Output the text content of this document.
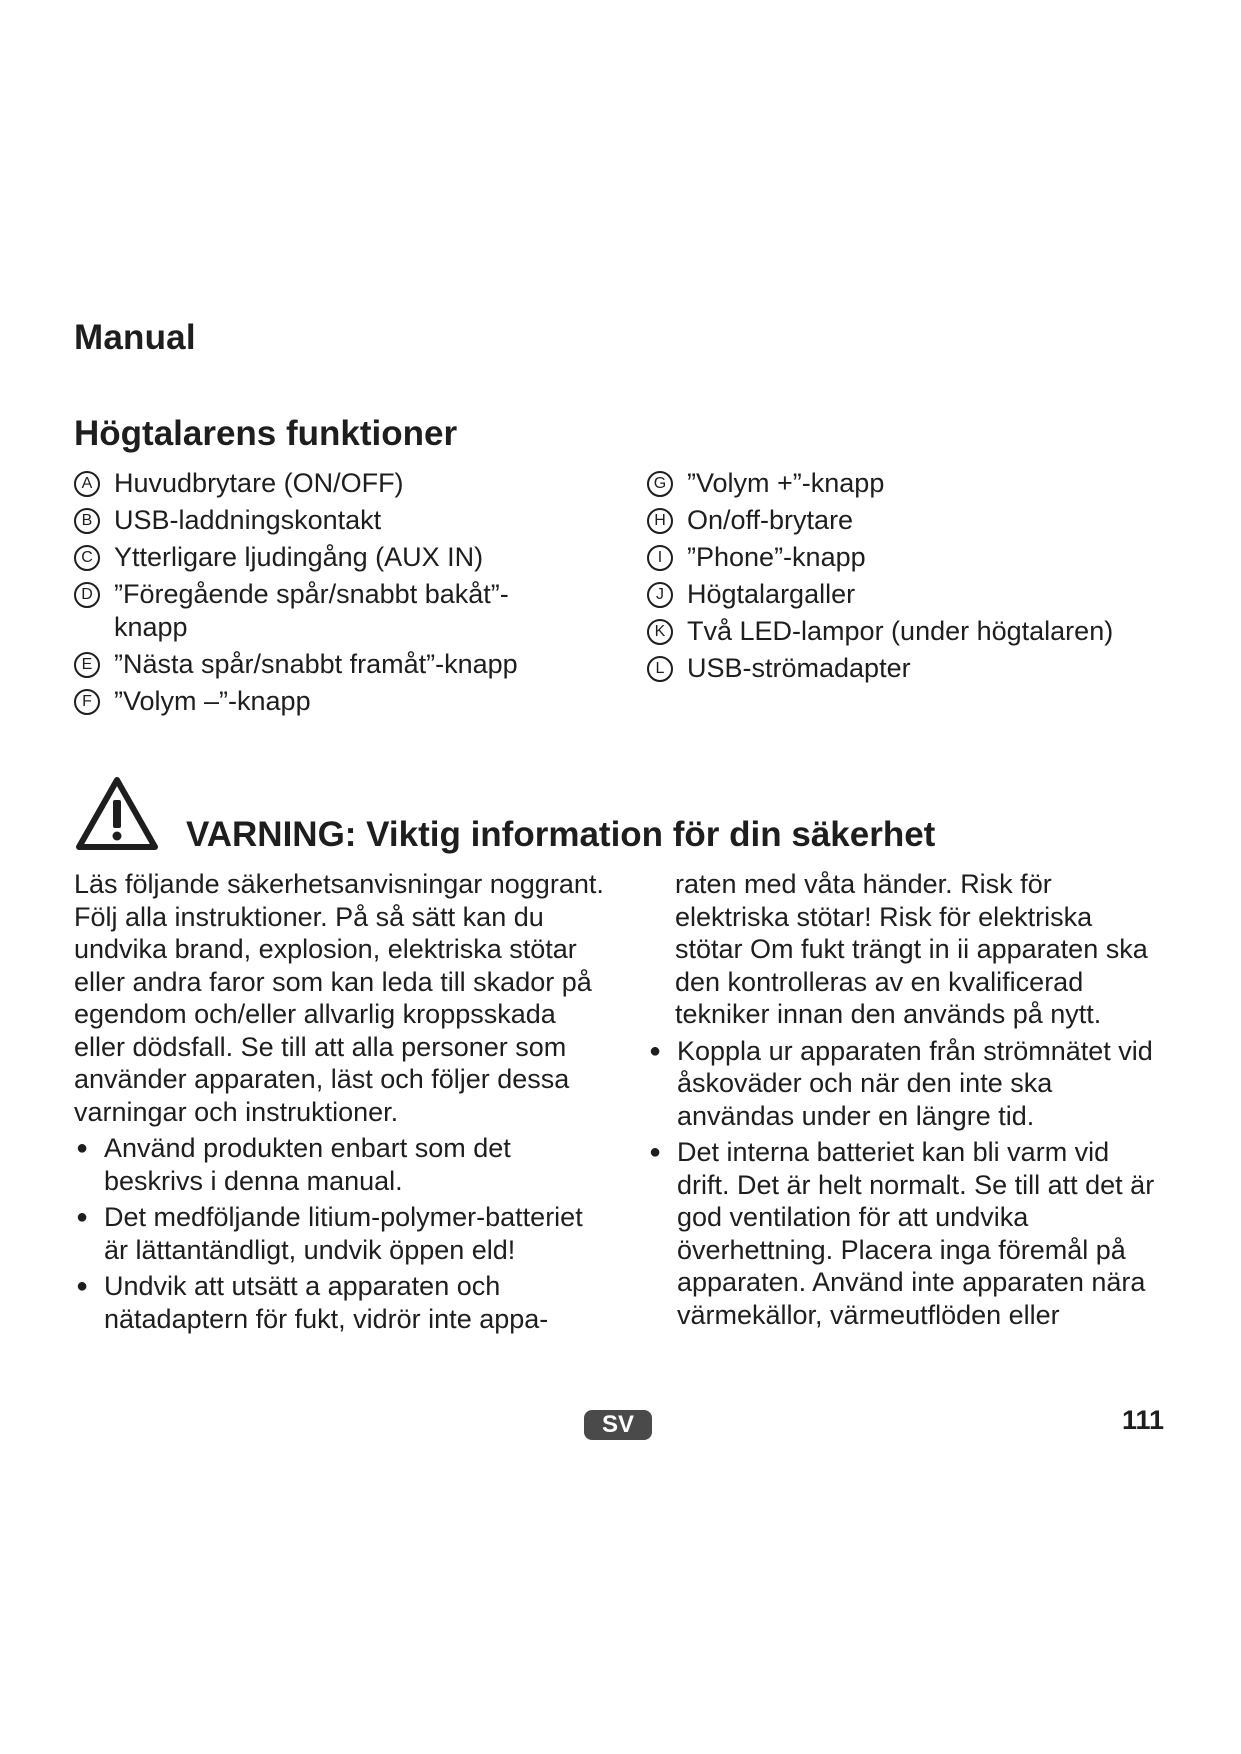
Manual
Högtalarens funktioner
A Huvudbrytare (ON/OFF)
B USB-laddningskontakt
C Ytterligare ljudingång (AUX IN)
D ”Föregående spår/snabbt bakåt”-knapp
E ”Nästa spår/snabbt framåt”-knapp
F ”Volym –”-knapp
G ”Volym +”-knapp
H On/off-brytare
I ”Phone”-knapp
J Högtalargaller
K Två LED-lampor (under högtalaren)
L USB-strömadapter
VARNING: Viktig information för din säkerhet

Läs följande säkerhetsanvisningar noggrant. Följ alla instruktioner. På så sätt kan du undvika brand, explosion, elektriska stötar eller andra faror som kan leda till skador på egendom och/eller allvarlig kroppsskada eller dödsfall. Se till att alla personer som använder apparaten, läst och följer dessa varningar och instruktioner.

● Använd produkten enbart som det beskrivs i denna manual.
● Det medföljande litium-polymer-batteriet är lättantändligt, undvik öppen eld!
● Undvik att utsätt a apparaten och nätadaptern för fukt, vidrör inte appa-

raten med våta händer. Risk för elektriska stötar! Risk för elektriska stötar Om fukt trängt in ii apparaten ska den kontrolleras av en kvalificerad tekniker innan den används på nytt.

● Koppla ur apparaten från strömnätet vid åskoväder och när den inte ska användas under en längre tid.
● Det interna batteriet kan bli varm vid drift. Det är helt normalt. Se till att det är god ventilation för att undvika överhettning. Placera inga föremål på apparaten. Använd inte apparaten nära värmekällor, värmeutflöden eller
SV	111
